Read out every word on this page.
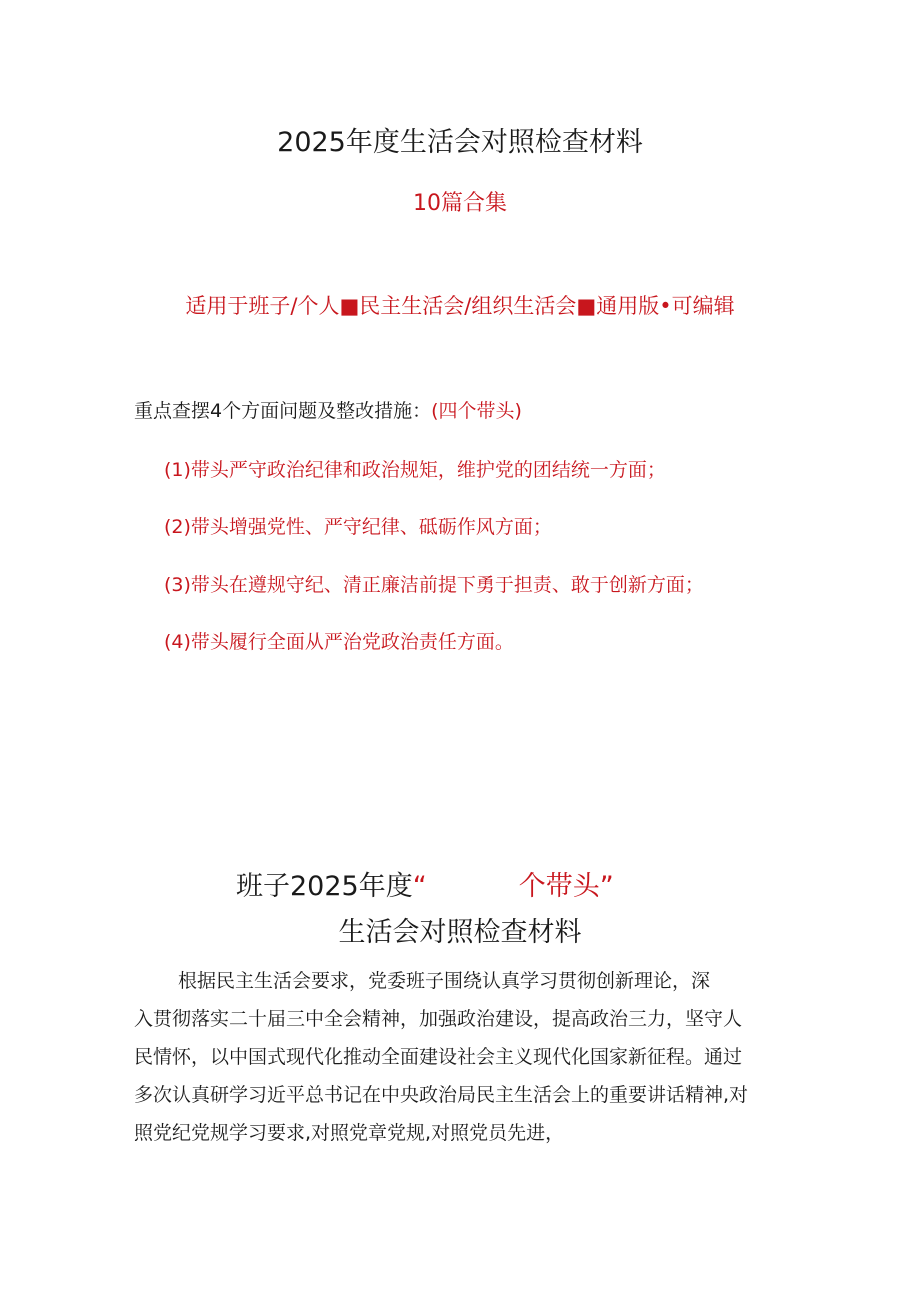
2025年度生活会对照检查材料

10篇合集

适用于班子/个人■民主生活会/组织生活会■通用版•可编辑

重点查摆4个方面问题及整改措施：(四个带头)

(1)带头严守政治纪律和政治规矩，维护党的团结统一方面；

(2)带头增强党性、严守纪律、砥砺作风方面；

(3)带头在遵规守纪、清正廉洁前提下勇于担责、敢于创新方面；

(4)带头履行全面从严治党政治责任方面。

班子2025年度“	个带头”
生活会对照检查材料
根据民主生活会要求，党委班子围绕认真学习贯彻创新理论，深
入贯彻落实二十届三中全会精神，加强政治建设，提高政治三力，坚守人
民情怀，以中国式现代化推动全面建设社会主义现代化国家新征程。通过
多次认真研学习近平总书记在中央政治局民主生活会上的重要讲话精神,对
照党纪党规学习要求,对照党章党规,对照党员先进，
